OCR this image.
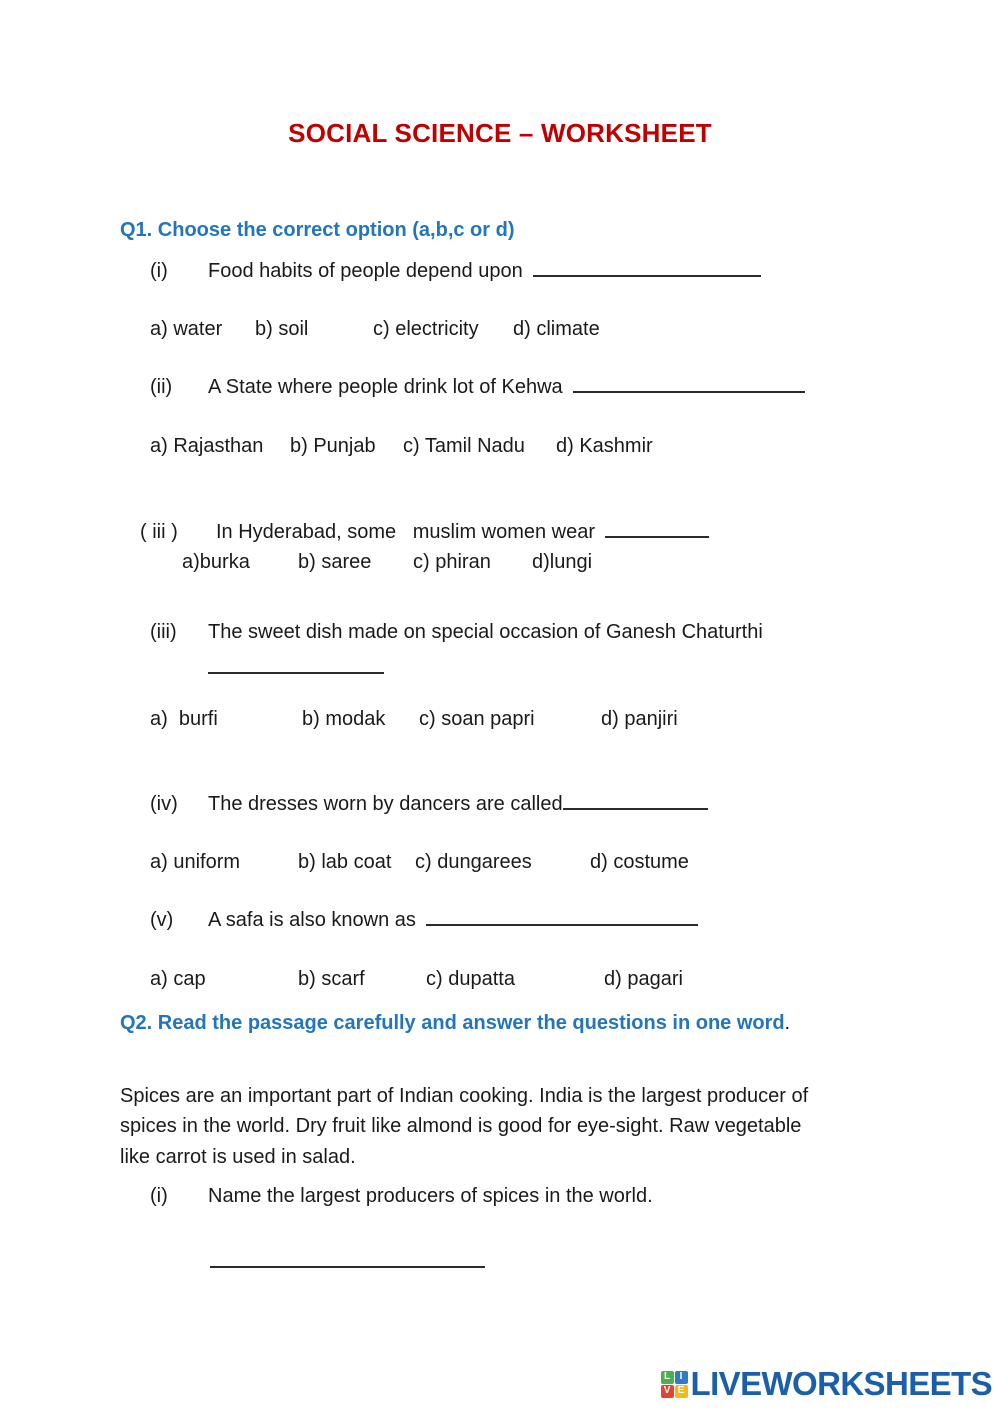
SOCIAL SCIENCE – WORKSHEET
Q1. Choose the correct option (a,b,c or d)
(i)	Food habits of people depend upon
a) water	b) soil	c) electricity	d) climate
(ii)	A State where people drink lot of Kehwa
a) Rajasthan	b) Punjab	c) Tamil Nadu	d) Kashmir
( iii )	In Hyderabad, some   muslim women wear
a)burka	b) saree	c) phiran	d)lungi
(iii)	The sweet dish made on special occasion of Ganesh Chaturthi
a)  burfi	b) modak	c) soan papri	d) panjiri
(iv)	The dresses worn by dancers are called
a) uniform	b) lab coat	c) dungarees	d) costume
(v)	A safa is also known as
a) cap	b) scarf	c) dupatta	d) pagari
Q2. Read the passage carefully and answer the questions in one word.
Spices are an important part of Indian cooking. India is the largest producer of spices in the world. Dry fruit like almond is good for eye-sight. Raw vegetable like carrot is used in salad.
(i)	Name the largest producers of spices in the world.
L I
V E LIVEWORKSHEETS
